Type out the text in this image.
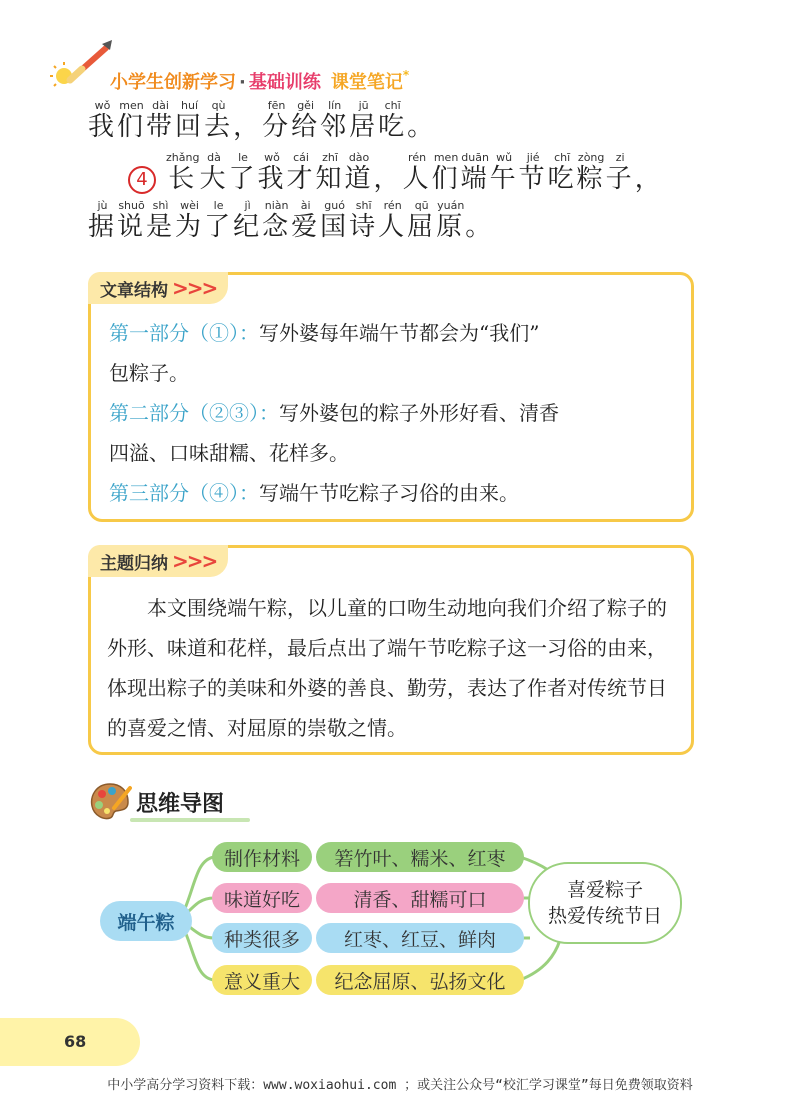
小学生创新学习 · 基础训练 课堂笔记*
我wǒ们men带dài回huí去qù， 分fēn给gěi邻lín居jū吃chī。
4 长zhǎng大dà了le我wǒ才cái知zhī道dào， 人rén们men端duān午wǔ节jié吃chī粽zòng子zi，
据jù说shuō是shì为wèi了le纪jì念niàn爱ài国guó诗shī人rén屈qū原yuán。
文章结构 >>>

第一部分（①）：写外婆每年端午节都会为“我们”

包粽子。

第二部分（②③）：写外婆包的粽子外形好看、清香

四溢、口味甜糯、花样多。

第三部分（④）：写端午节吃粽子习俗的由来。

主题归纳 >>>

本文围绕端午粽，以儿童的口吻生动地向我们介绍了粽子的外形、味道和花样，最后点出了端午节吃粽子这一习俗的由来，体现出粽子的美味和外婆的善良、勤劳，表达了作者对传统节日的喜爱之情、对屈原的崇敬之情。

思维导图
端午粽
制作材料	箬竹叶、糯米、红枣
味道好吃	清香、甜糯可口
种类很多	红枣、红豆、鲜肉
意义重大	纪念屈原、弘扬文化
喜爱粽子
热爱传统节日
68
中小学高分学习资料下载：www.woxiaohui.com ；或关注公众号“校汇学习课堂”每日免费领取资料
